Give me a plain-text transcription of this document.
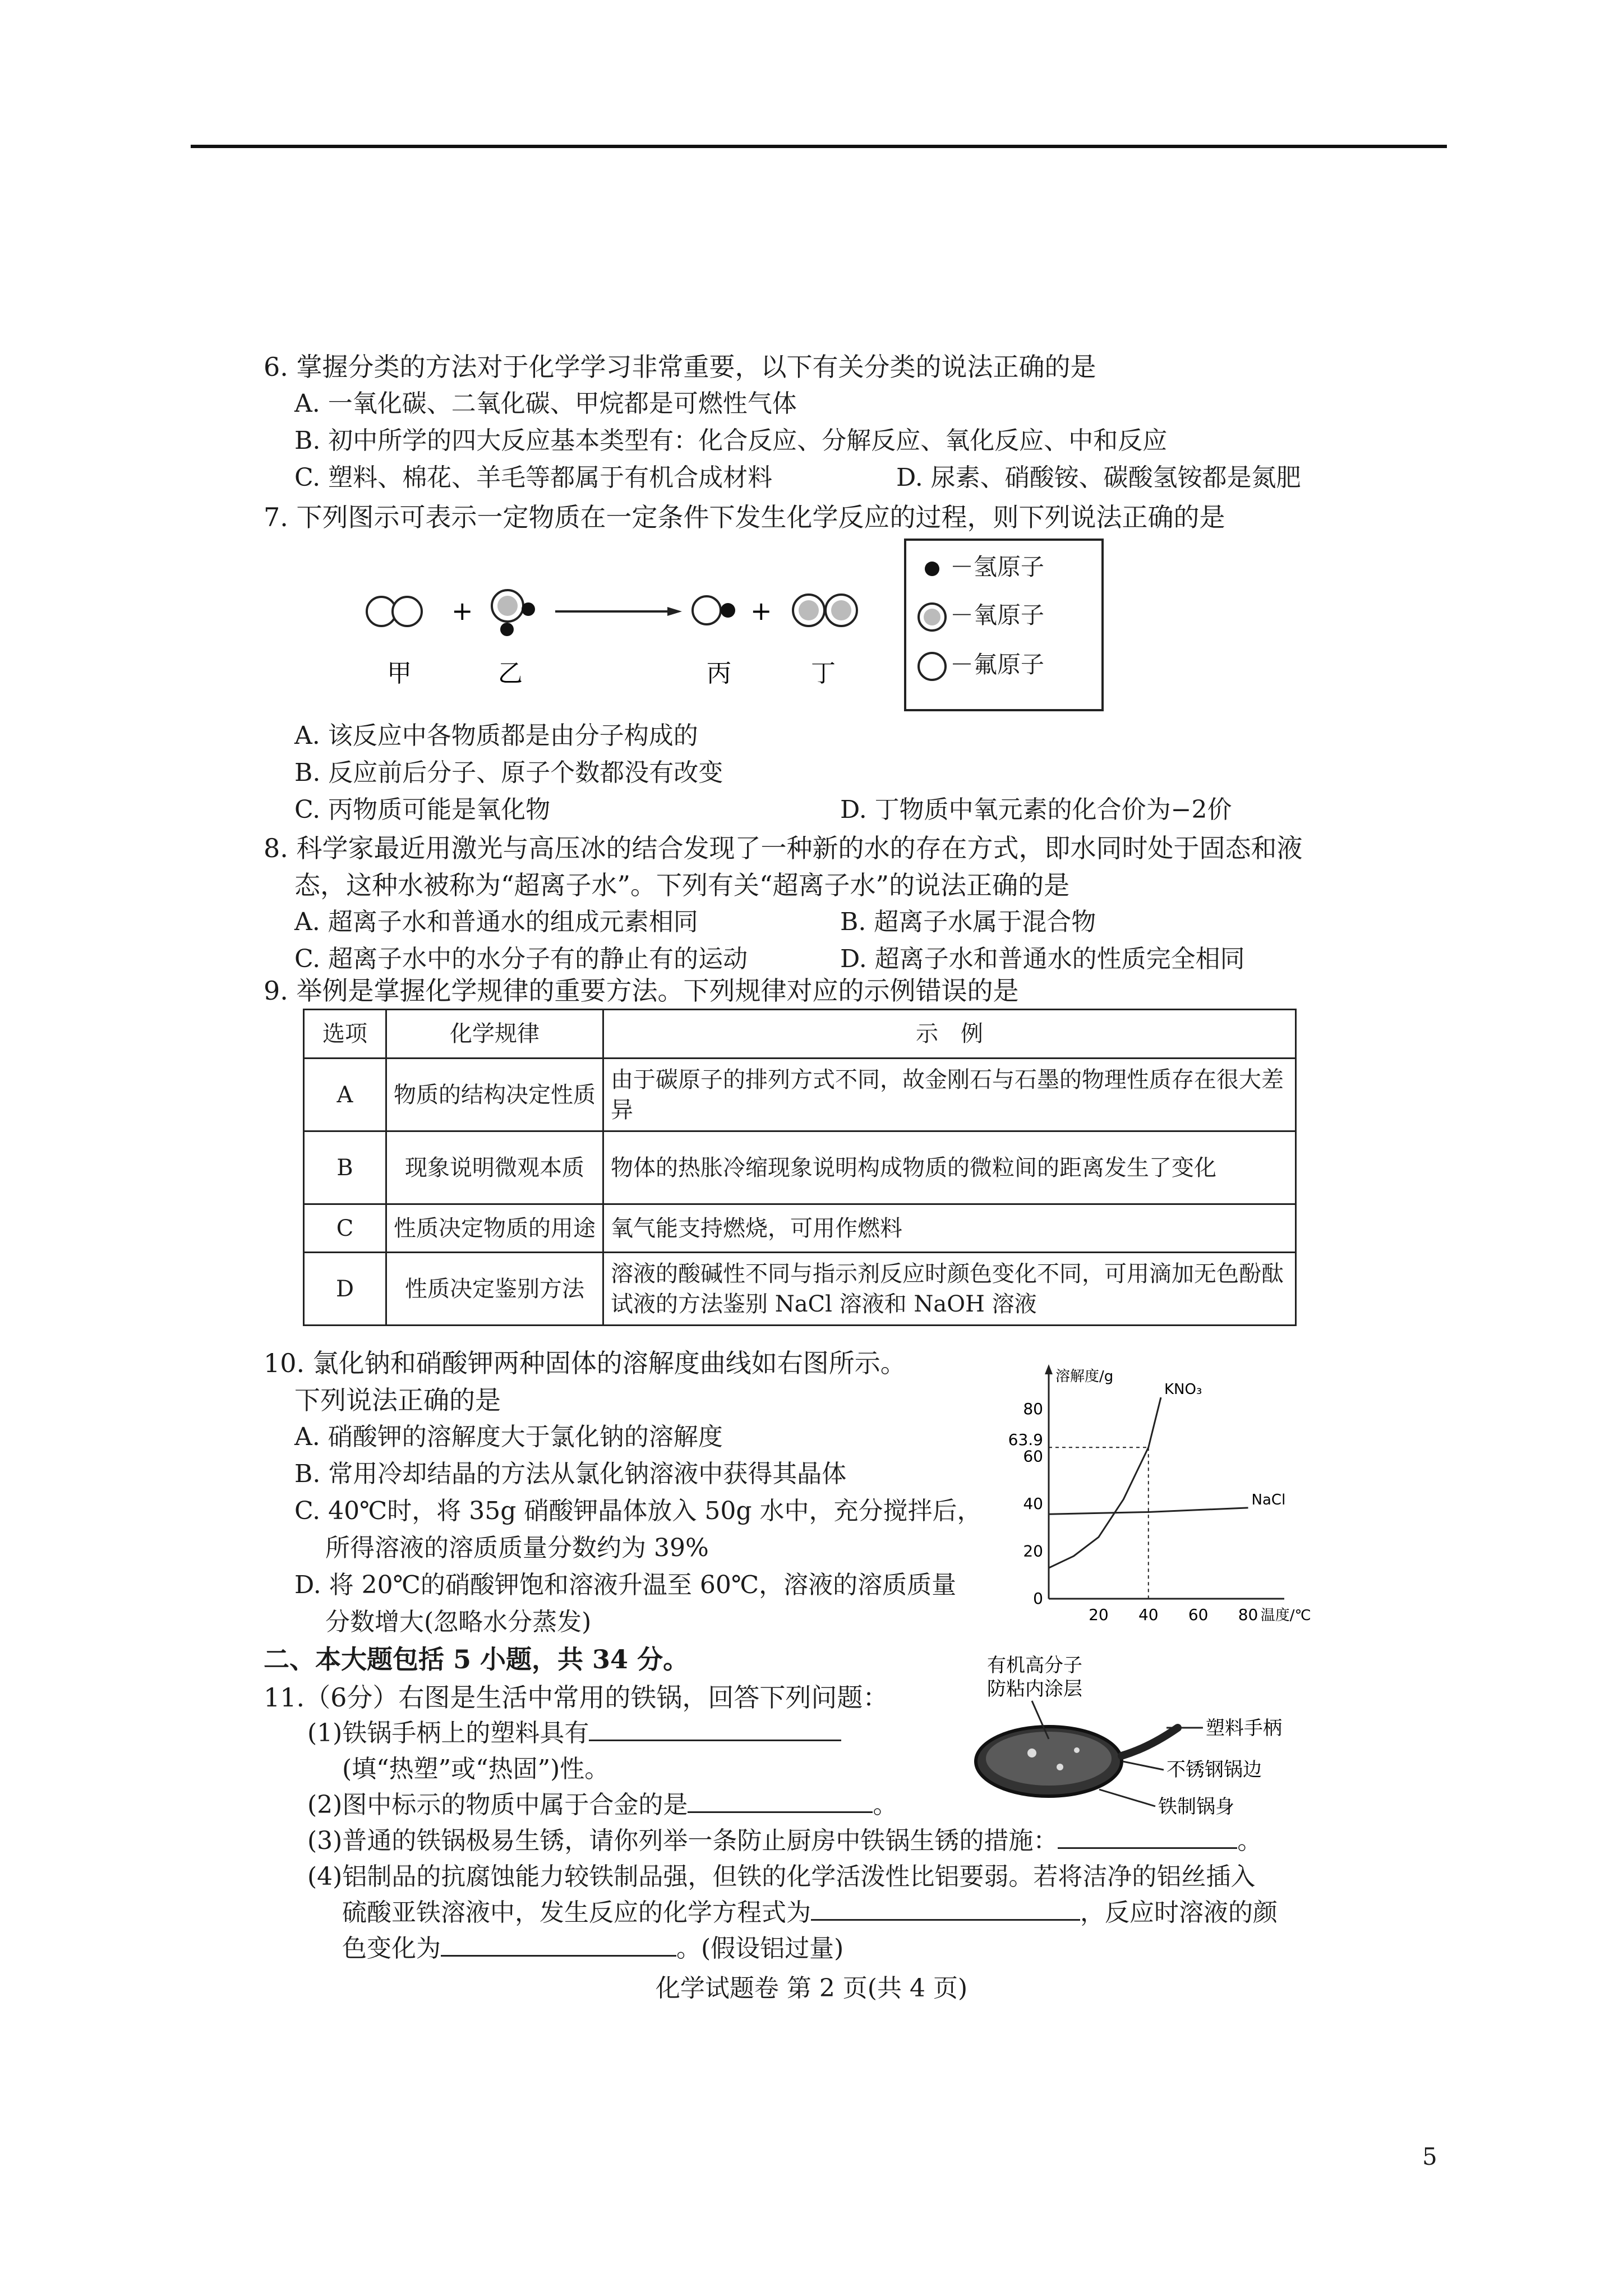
6. 掌握分类的方法对于化学学习非常重要，以下有关分类的说法正确的是
A. 一氧化碳、二氧化碳、甲烷都是可燃性气体
B. 初中所学的四大反应基本类型有：化合反应、分解反应、氧化反应、中和反应
C. 塑料、棉花、羊毛等都属于有机合成材料	D. 尿素、硝酸铵、碳酸氢铵都是氮肥
7. 下列图示可表示一定物质在一定条件下发生化学反应的过程，则下列说法正确的是
+	+
甲	乙	丙	丁
－氢原子
－氧原子
－氟原子
A. 该反应中各物质都是由分子构成的
B. 反应前后分子、原子个数都没有改变
C. 丙物质可能是氧化物	D. 丁物质中氧元素的化合价为−2价
8. 科学家最近用激光与高压冰的结合发现了一种新的水的存在方式，即水同时处于固态和液
态，这种水被称为“超离子水”。下列有关“超离子水”的说法正确的是
A. 超离子水和普通水的组成元素相同	B. 超离子水属于混合物
C. 超离子水中的水分子有的静止有的运动	D. 超离子水和普通水的性质完全相同
9. 举例是掌握化学规律的重要方法。下列规律对应的示例错误的是
选项	化学规律	示　例
A	物质的结构决定性质	由于碳原子的排列方式不同，故金刚石与石墨的物理性质存在很大差异
B	现象说明微观本质	物体的热胀冷缩现象说明构成物质的微粒间的距离发生了变化
C	性质决定物质的用途	氧气能支持燃烧，可用作燃料
D	性质决定鉴别方法	溶液的酸碱性不同与指示剂反应时颜色变化不同，可用滴加无色酚酞试液的方法鉴别 NaCl 溶液和 NaOH 溶液
10. 氯化钠和硝酸钾两种固体的溶解度曲线如右图所示。
下列说法正确的是
A. 硝酸钾的溶解度大于氯化钠的溶解度
B. 常用冷却结晶的方法从氯化钠溶液中获得其晶体
C. 40℃时，将 35g 硝酸钾晶体放入 50g 水中，充分搅拌后，
所得溶液的溶质质量分数约为 39%
D. 将 20℃的硝酸钾饱和溶液升温至 60℃，溶液的溶质质量
分数增大(忽略水分蒸发)
溶解度/g
0
20
40
60
80
20 40 60 80 温度/℃
63.9
KNO₃
NaCl
二、本大题包括 5 小题，共 34 分。
11.（6分）右图是生活中常用的铁锅，回答下列问题：
(1)铁锅手柄上的塑料具有
(填“热塑”或“热固”)性。
(2)图中标示的物质中属于合金的是	。
(3)普通的铁锅极易生锈，请你列举一条防止厨房中铁锅生锈的措施：	。
(4)铝制品的抗腐蚀能力较铁制品强，但铁的化学活泼性比铝要弱。若将洁净的铝丝插入
硫酸亚铁溶液中，发生反应的化学方程式为	，反应时溶液的颜
色变化为	。(假设铝过量)
有机高分子
防粘内涂层
塑料手柄
不锈钢锅边
铁制锅身
化学试题卷 第 2 页(共 4 页)
5
